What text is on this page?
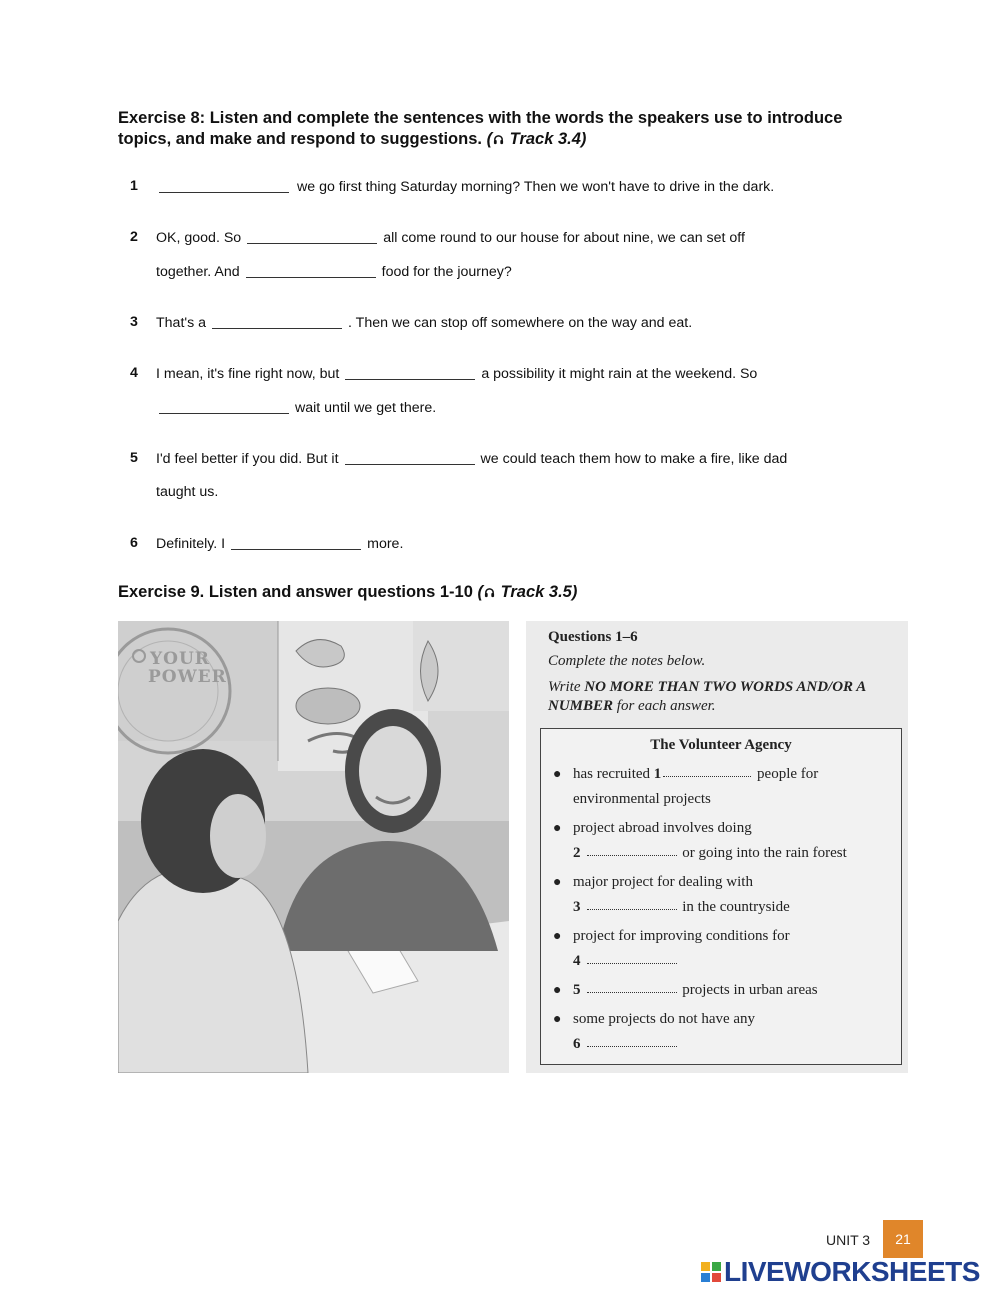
Exercise 8: Listen and complete the sentences with the words the speakers use to introduce
topics, and make and respond to suggestions. ( Track 3.4)
1	we go first thing Saturday morning? Then we won't have to drive in the dark.
2 OK, good. So	all come round to our house for about nine, we can set off
together. And	food for the journey?
3 That's a	. Then we can stop off somewhere on the way and eat.
4 I mean, it's fine right now, but	a possibility it might rain at the weekend. So
wait until we get there.
5 I'd feel better if you did. But it	we could teach them how to make a fire, like dad
taught us.
6 Definitely. I	more.
Exercise 9. Listen and answer questions 1-10 ( Track 3.5)
YOUR
POWER
Questions 1–6
Complete the notes below.
Write NO MORE THAN TWO WORDS AND/OR A NUMBER for each answer.
The Volunteer Agency
● has recruited 1	people for
environmental projects
● project abroad involves doing
2	or going into the rain forest
● major project for dealing with
3	in the countryside
● project for improving conditions for
4
● 5	projects in urban areas
● some projects do not have any
6
UNIT 3	21
LIVEWORKSHEETS
